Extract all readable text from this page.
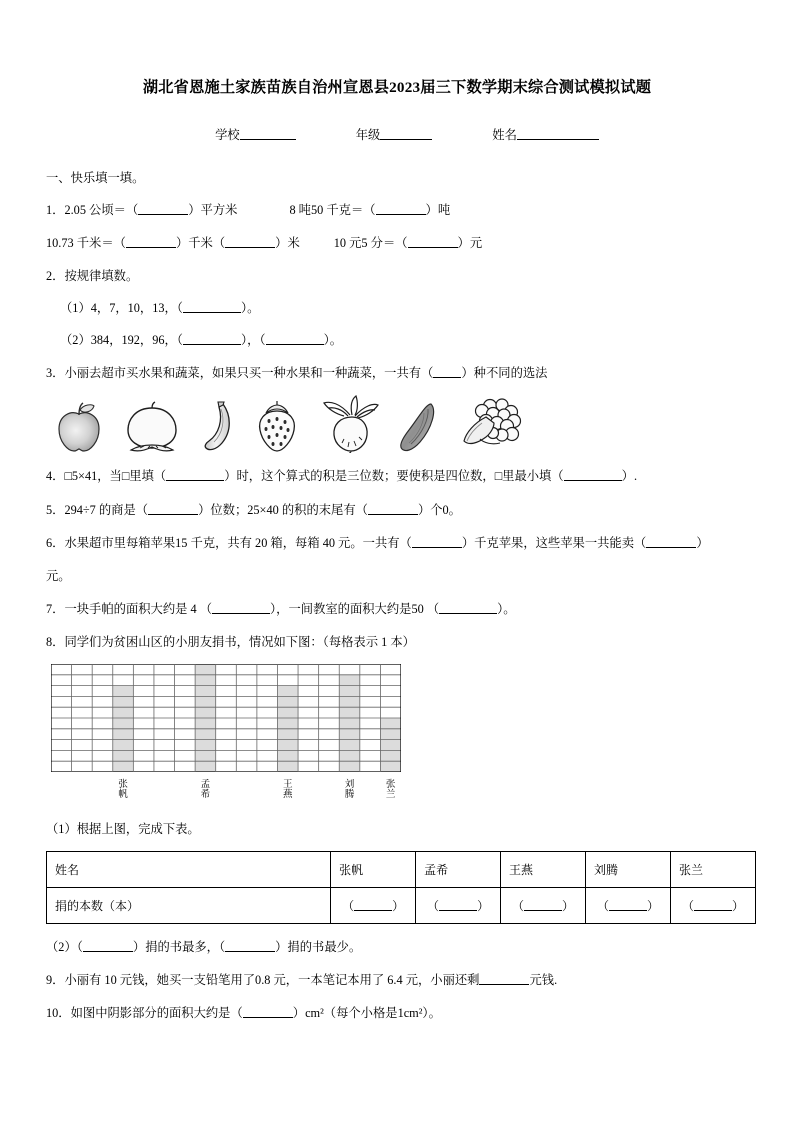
湖北省恩施土家族苗族自治州宣恩县2023届三下数学期末综合测试模拟试题
学校	年级	姓名
一、快乐填一填。
1．2.05 公顷＝（	）平方米	8 吨50 千克＝（	）吨
10.73 千米＝（	）千米（	）米	10 元5 分＝（	）元
2．按规律填数。
（1）4，7，10，13，（	）。
（2）384，192，96，（	），（	）。
3．小丽去超市买水果和蔬菜，如果只买一种水果和一种蔬菜，一共有（ ）种不同的选法
4．□5×41，当□里填（	）时，这个算式的积是三位数；要使积是四位数，□里最小填（	）.
5．294÷7 的商是（	）位数；25×40 的积的末尾有（	）个0。
6．水果超市里每箱苹果15 千克，共有 20 箱，每箱 40 元。一共有（	）千克苹果，这些苹果一共能卖（	）
元。
7．一块手帕的面积大约是 4 （	），一间教室的面积大约是50 （	）。
8．同学们为贫困山区的小朋友捐书，情况如下图：（每格表示 1 本）
张
帆
孟
希
王
燕
刘
腾
张
兰
（1）根据上图，完成下表。
姓名	张帆	孟希	王燕	刘腾	张兰
捐的本数（本）	（ ）	（ ）	（ ）	（ ）	（ ）
（2）（	）捐的书最多，（	）捐的书最少。
9．小丽有 10 元钱，她买一支铅笔用了0.8 元，一本笔记本用了 6.4 元，小丽还剩	元钱.
10．如图中阴影部分的面积大约是（	）cm²（每个小格是1cm²）。
